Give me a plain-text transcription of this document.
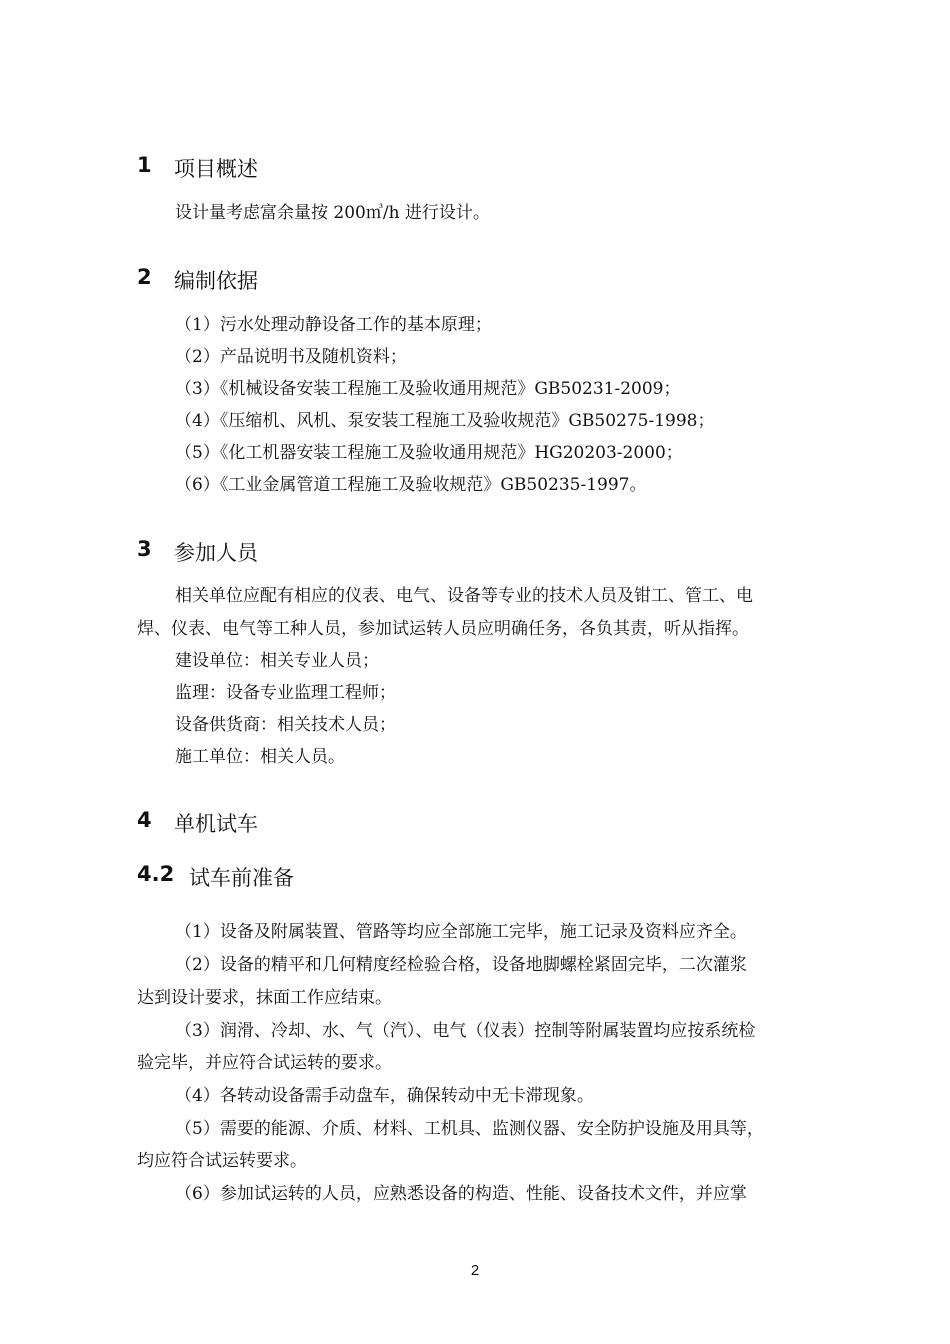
1 项目概述
设计量考虑富余量按 200㎥/h 进行设计。
2 编制依据
（1）污水处理动静设备工作的基本原理；
（2）产品说明书及随机资料；
（3）《机械设备安装工程施工及验收通用规范》GB50231-2009；
（4）《压缩机、风机、泵安装工程施工及验收规范》GB50275-1998；
（5）《化工机器安装工程施工及验收通用规范》HG20203-2000；
（6）《工业金属管道工程施工及验收规范》GB50235-1997。
3 参加人员
相关单位应配有相应的仪表、电气、设备等专业的技术人员及钳工、管工、电
焊、仪表、电气等工种人员，参加试运转人员应明确任务，各负其责，听从指挥。
建设单位：相关专业人员；
监理：设备专业监理工程师；
设备供货商：相关技术人员；
施工单位：相关人员。
4 单机试车
4.2 试车前准备
（1）设备及附属装置、管路等均应全部施工完毕，施工记录及资料应齐全。
（2）设备的精平和几何精度经检验合格，设备地脚螺栓紧固完毕，二次灌浆
达到设计要求，抹面工作应结束。
（3）润滑、冷却、水、气（汽）、电气（仪表）控制等附属装置均应按系统检
验完毕，并应符合试运转的要求。
（4）各转动设备需手动盘车，确保转动中无卡滞现象。
（5）需要的能源、介质、材料、工机具、监测仪器、安全防护设施及用具等，
均应符合试运转要求。
（6）参加试运转的人员，应熟悉设备的构造、性能、设备技术文件，并应掌
2
